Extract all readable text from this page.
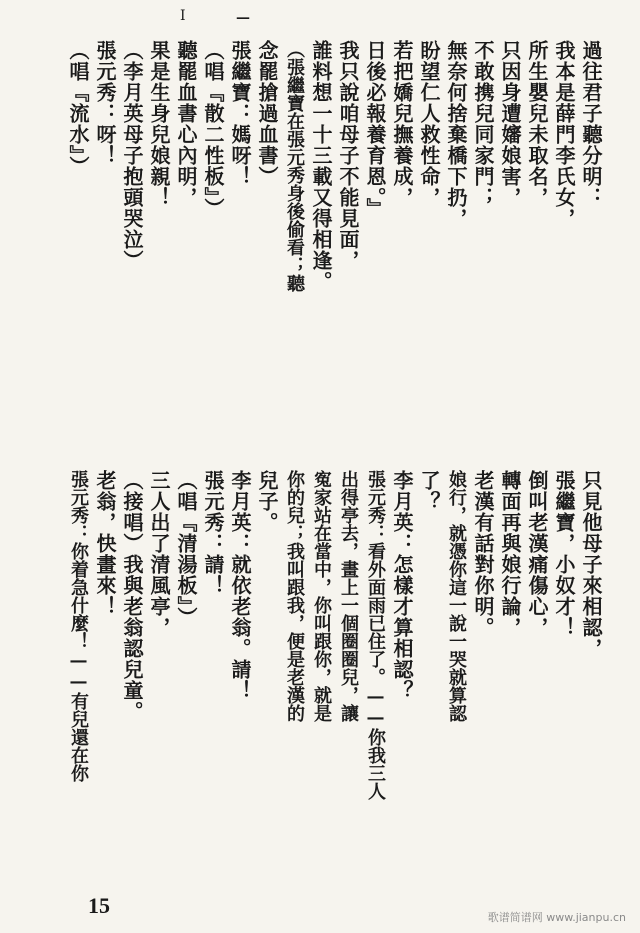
I	—
過往君子聽分明：
我本是薛門李氏女，
所生嬰兒未取名，
只因身遭嬸娘害，
不敢携兒同家門；
無奈何捨棄橋下扔，
盼望仁人救性命，
若把嬌兒撫養成，
日後必報養育恩。』
我只說咱母子不能見面，
誰料想一十三載又得相逢。
（張繼寶在張元秀身後偷看；聽
念罷搶過血書）
張繼寶：媽呀！
（唱『散二性板』）
聽罷血書心內明，
果是生身兒娘親！
（李月英母子抱頭哭泣）
張元秀：呀！
（唱『流水』）
只見他母子來相認，
張繼寶，小奴才！
倒叫老漢痛傷心，
轉面再與娘行論，
老漢有話對你明。
娘行，就憑你這一說一哭就算認
了？
李月英：怎樣才算相認？
張元秀：看外面雨已住了。——你我三人
出得亭去，畫上一個圈圈兒，讓
寃家站在當中，你叫跟你，就是
你的兒；我叫跟我，便是老漢的
兒子。
李月英：就依老翁。請！
張元秀：請！
（唱『清湯板』）
三人出了清風亭，
（接唱）我與老翁認兒童。
老翁，快畫來！
張元秀：你着急什麼！——有兒還在你
15	歌谱简谱网 www.jianpu.cn
